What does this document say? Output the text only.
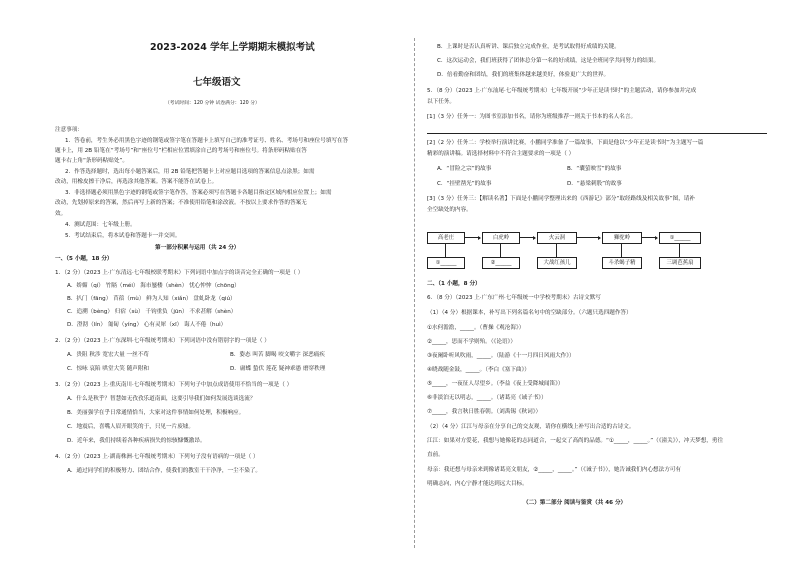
2023-2024 学年上学期期末模拟考试
七年级语文
（考试时间：120 分钟 试卷满分：120 分）
注意事项：
1．答卷前，考生务必用黑色字迹的钢笔或签字笔在答题卡上填写自己的准考证号、姓名、考场号和座位号填写在答
题卡上，用 2B 铅笔在“考场号”和“座位号”栏相应位置填涂自己的考场号和座位号。将条形码粘贴在答
题卡右上角“条形码粘贴处”。
2．作答选择题时，选出每小题答案后，用 2B 铅笔把答题卡上对应题目选项的答案信息点涂黑；如需
改动，用橡皮擦干净后，再选涂其他答案。答案不能答在试卷上。
3．非选择题必须用黑色字迹的钢笔或签字笔作答，答案必须写在答题卡各题目指定区域内相应位置上；如需
改动，先划掉原来的答案，然后再写上新的答案；不准使用铅笔和涂改液。不按以上要求作答的答案无
效。
4．测试范围：七年级上册。
5．考试结束后，将本试卷和答题卡一并交回。
第一部分积累与运用（共 24 分）
一、（5 小题，18 分）
1．（2 分）（2023 上·广东清远·七年级校联考期末）下列词语中加点字的读音完全正确的一项是（ ）
A．娇媚（qí） 竹隔（méi） 海市蜃楼（shèn） 忧心忡忡（chōng）
B．扒门（fāng） 苜蓿（mù） 鲜为人知（xiǎn） 盘虬卧龙（qiú）
C．追溯（bèng） 归宿（sù） 千钧重负（jūn） 不求甚解（shèn）
D．澄沏（lín） 匍匐（yíng） 心有灵犀（xī） 诲人不倦（huì）
2．（2 分）（2023 上·广东深圳·七年级统考期末）下列词语中没有错别字的一项是（ ）
A．贵阻 秋涉 宽宏大量 一丝不苟	B．姿态 叫苦 脚喝 咬文嚼字 深恶痛疾
C．惊咏 哀陷 哄堂大笑 随声附和	D．庸蝶 蛰伏 莲花 疑神乖愚 磨穿秩理
3．（2 分）（2023 上·重庆南川·七年级统考期末）下列句子中加点成语使用不恰当的一项是（ ）
A．什么是秋乎？智慧如无孜孜乐道南面，这要引导我们如何发展选谈选流？
B．美丽强学在乎日常通情恰当，大家对这件事情如何处理，积极响应。
C．地震后，喜嘴人眉开眼笑的于，只见一片废墟。
D．近年来，我们持续着各种疾病损失的惊骇慷慨激昂。
4．（2 分）（2023 上·湖南株洲·七年级统考期末）下列句子没有语病的一项是（ ）
A．通过同学们的积极努力、团结合作，使我们的教室干干净净，一尘不染了。
B．上课时是否认真听讲、课后独立完成作业，是考试取得好成绩的关键。
C．这次运动会，我们班获得了团体总分第一名的好成绩，这是全班同学共同努力的结果。
D．倍看勤奋和团结，我们的班集体越来越美好，体验更广大的世界。
5．（8 分）（2023 上·广东汕尾·七年级统考期末）七年级开展“少年正是读书时”的主题活动，请你参加并完成
以下任务。
[1]（3 分）任务一：为图书室添加书名，请你为班级推荐一则关于书本的名人名言。
[2]（2 分）任务二：学校举行演讲比赛，小鹏同学准备了一篇故事，下面是他以“少年正是读书时”为主题写一篇
精彩的演讲稿。请选择材料中不符合主题要求的一项是（ ）
A．“冒险之宗”的故事	B．“囊萤映雪”的故事
C．“挂壁凿光”的故事	D．“悬梁刺股”的故事
[3]（3 分）任务三：【解读名著】下面是小鹏同学整理出来的《西游记》部分“取经路线及相关故事”图，请补
全空缺处的内容。
高老庄	白虎岭	火云洞	狮驼岭	①______
①______	②______	大战红孩儿	斗杀蝎子精	三调芭蕉扇
二、（1 小题，8 分）
6．（8 分）（2023 上·广东广州·七年级统一中学校考期末）古诗文默写
（1）（4 分）根据课本，补写出下列名篇名句中的空缺部分。（六题只选四题作答）
①水何澹澹，_____。（曹操《观沧海》）
②_____，思而不学则殆。（《论语》）
③夜阑卧听风吹雨，_____。（陆游《十一月四日风雨大作》）
④晓战随金鼓，_____。（李白《塞下曲》）
⑤_____，一夜征人尽望乡。（李益《夜上受降城闻笛》）
⑥非淡泊无以明志，_____。（诸葛亮《诫子书》）
⑦_____，我言秋日胜春朝。（刘禹锡《秋词》）
（2）（4 分）江江与母亲在分享自己的交友观，请你在横线上补写出合适的古诗文。
江江：如果对方爱花，我想与她像花的志同道合，一起交了高尚的品德。“①_____，_____。”（《潼关》），冲天梦想，勇往
直前。
母亲：我还想与母亲来到像诸葛亮文朋友，②_____，_____。”（《诫子书》），她告诫我们内心想法方可有
明确志向，内心宁静才能达到远大目标。
（二）第二部分 阅读与鉴赏（共 46 分）
